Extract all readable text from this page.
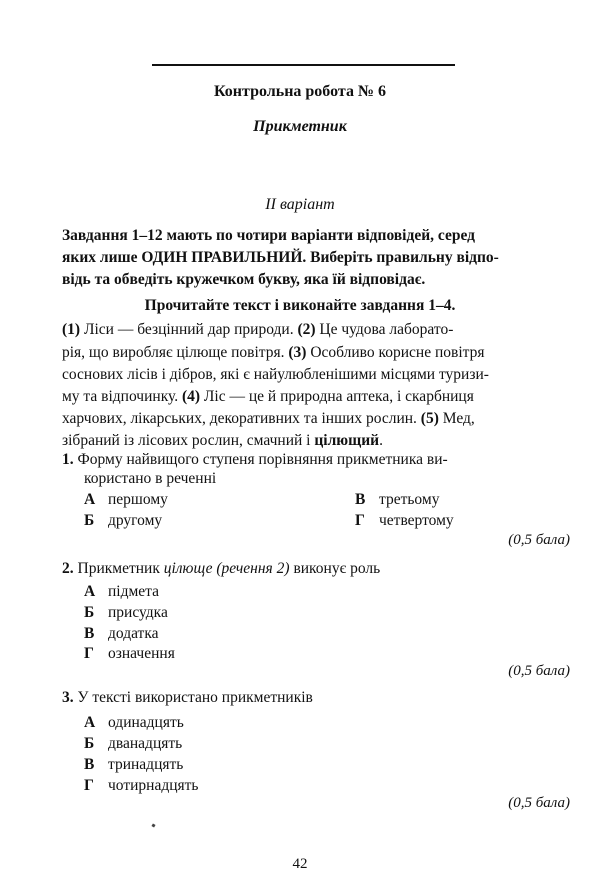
Контрольна робота № 6
Прикметник
II варіант
Завдання 1–12 мають по чотири варіанти відповідей, серед
яких лише ОДИН ПРАВИЛЬНИЙ. Виберіть правильну відпо-
відь та обведіть кружечком букву, яка їй відповідає.
Прочитайте текст і виконайте завдання 1–4.
(1) Ліси — безцінний дар природи. (2) Це чудова лаборато-
рія, що виробляє цілюще повітря. (3) Особливо корисне повітря
соснових лісів і дібров, які є найулюбленішими місцями туризи-
му та відпочинку. (4) Ліс — це й природна аптека, і скарбниця
харчових, лікарських, декоративних та інших рослин. (5) Мед,
зібраний із лісових рослин, смачний і цілющий.
1. Форму найвищого ступеня порівняння прикметника ви-
користано в реченні
А першому
Б другому
В третьому
Г четвертому
(0,5 бала)
2. Прикметник цілюще (речення 2) виконує роль
А підмета
Б присудка
В додатка
Г означення
(0,5 бала)
3. У тексті використано прикметників
А одинадцять
Б дванадцять
В тринадцять
Г чотирнадцять
(0,5 бала)
42
